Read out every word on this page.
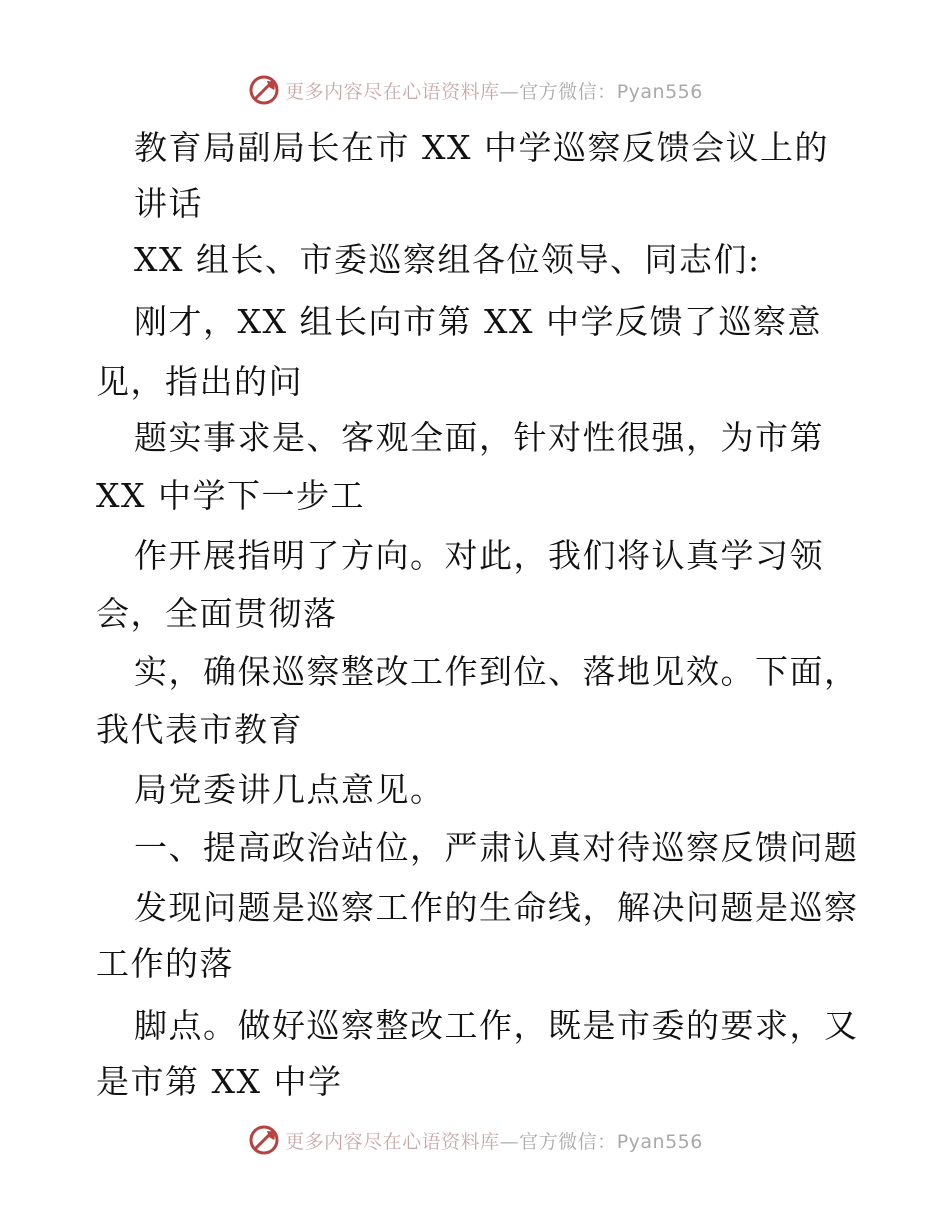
更多内容尽在心语资料库—官方微信：Pyan556
教育局副局长在市 XX 中学巡察反馈会议上的
讲话
XX 组长、市委巡察组各位领导、同志们:
刚才，XX 组长向市第 XX 中学反馈了巡察意
见，指出的问
题实事求是、客观全面，针对性很强，为市第
XX 中学下一步工
作开展指明了方向。对此，我们将认真学习领
会，全面贯彻落
实，确保巡察整改工作到位、落地见效。下面，
我代表市教育
局党委讲几点意见。
一、提高政治站位，严肃认真对待巡察反馈问题
发现问题是巡察工作的生命线，解决问题是巡察
工作的落
脚点。做好巡察整改工作，既是市委的要求，又
是市第 XX 中学
更多内容尽在心语资料库—官方微信：Pyan556
